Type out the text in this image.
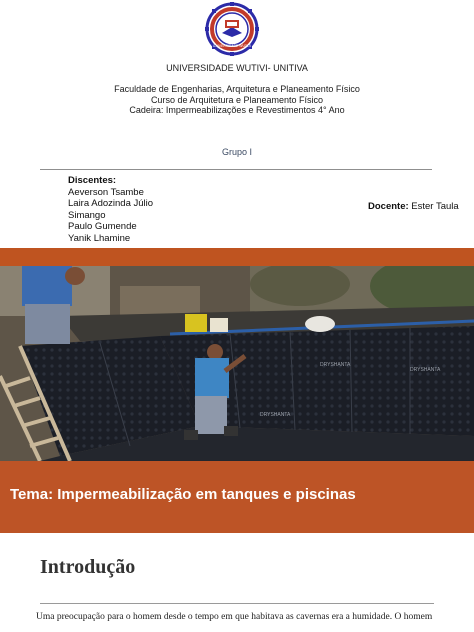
UNIVERSIDADE WUTIVI
UNIVERSIDADE WUTIVI- UNITIVA
Faculdade de Engenharias, Arquitetura e Planeamento Físico
Curso de Arquitetura e Planeamento Físico
Cadeira: Impermeabilizações e Revestimentos 4° Ano
Grupo I
Discentes:
Aeverson Tsambe
Laira Adozinda Júlio
Simango
Paulo Gumende
Yanik Lhamine
Docente: Ester Taula
DRYSHANTA
DRYSHANTA
DRYSHANTA
Tema: Impermeabilização em tanques e piscinas
Introdução
Uma preocupação para o homem desde o tempo em que habitava as cavernas era a humidade. O homem
